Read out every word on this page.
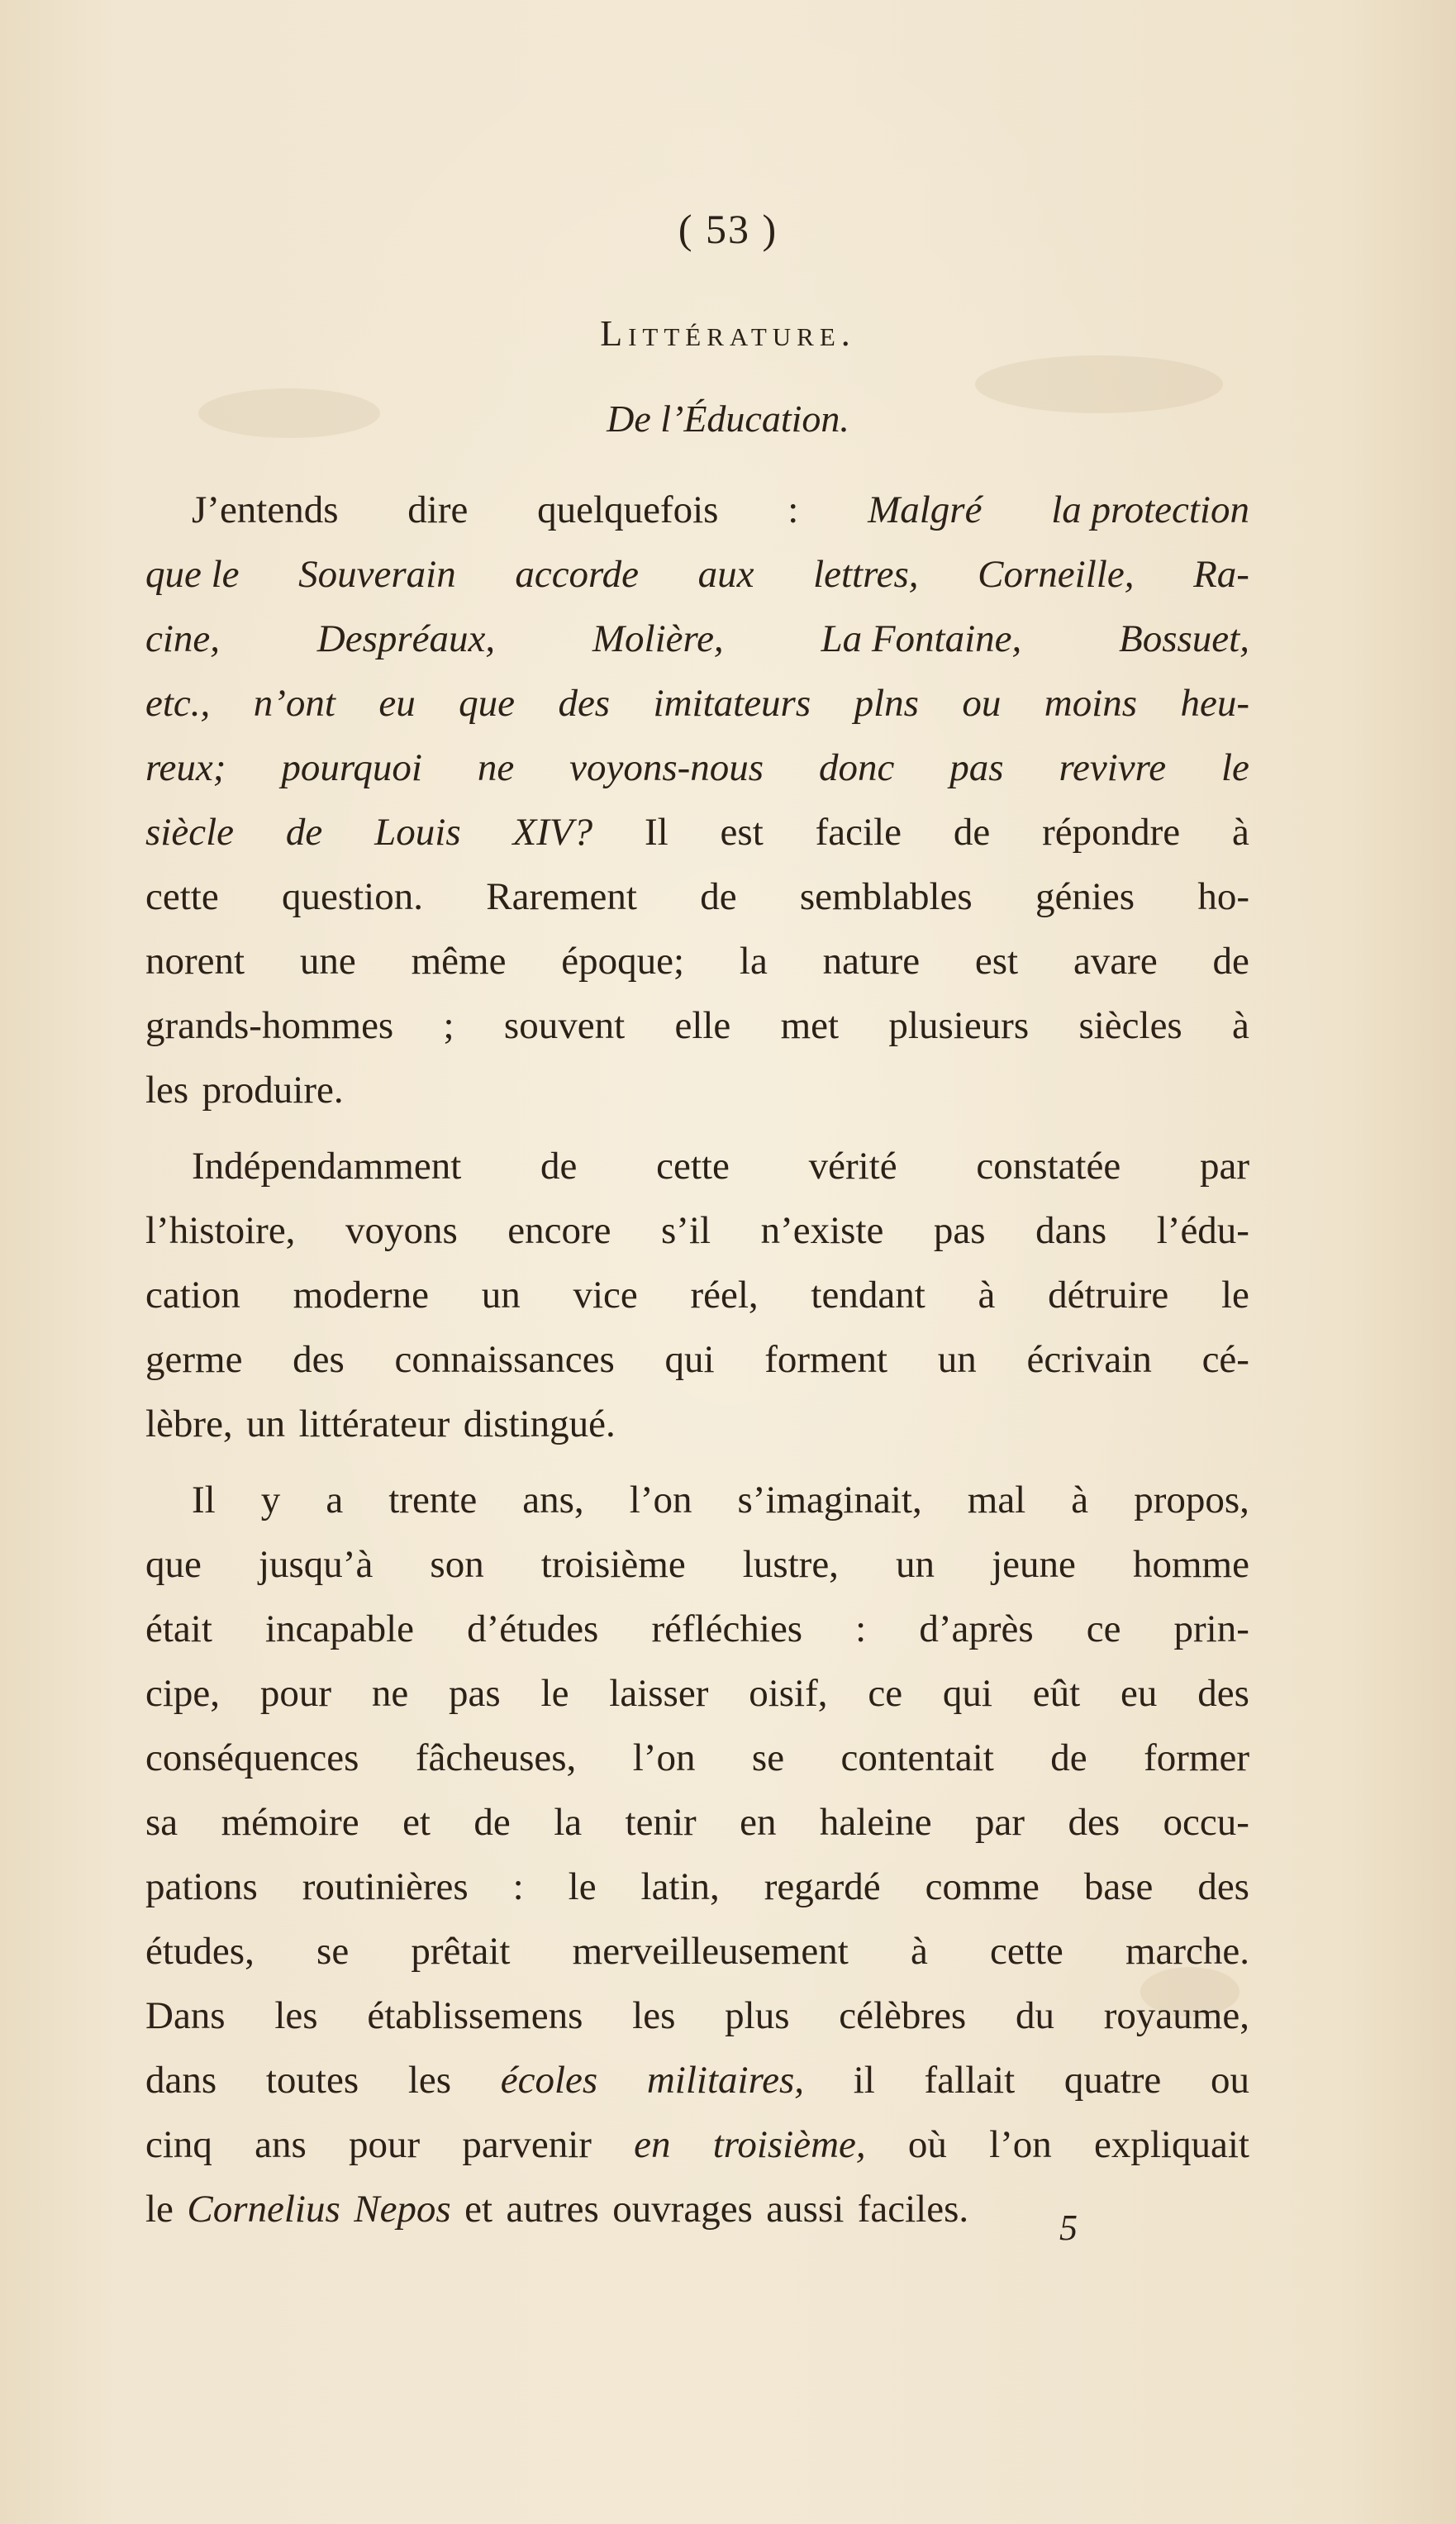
( 53 )
Littérature.
De l’Éducation.
J’entends dire quelquefois : Malgré la protection
que le Souverain accorde aux lettres, Corneille, Ra-
cine,	Despréaux,	Molière,	La Fontaine,	Bossuet,
etc., n’ont eu que des imitateurs plns ou moins heu-
reux; pourquoi ne voyons-nous donc pas revivre le
siècle de Louis XIV? Il est facile de répondre à
cette question. Rarement de semblables génies ho-
norent une même époque; la nature est avare de
grands-hommes ; souvent elle met plusieurs siècles à
les produire.
Indépendamment de cette vérité constatée par
l’histoire, voyons encore s’il n’existe pas dans l’édu-
cation moderne un vice réel, tendant à détruire le
germe des connaissances qui forment un écrivain cé-
lèbre, un littérateur distingué.
Il y a trente ans, l’on s’imaginait, mal à propos,
que jusqu’à son troisième lustre, un jeune homme
était incapable d’études réfléchies : d’après ce prin-
cipe, pour ne pas le laisser oisif, ce qui eût eu des
conséquences fâcheuses, l’on se contentait de former
sa mémoire et de la tenir en haleine par des occu-
pations routinières : le latin, regardé comme base des
études, se prêtait merveilleusement à cette marche.
Dans les établissemens les plus célèbres du royaume,
dans toutes les écoles militaires, il fallait quatre ou
cinq ans pour parvenir en troisième, où l’on expliquait
le Cornelius Nepos et autres ouvrages aussi faciles. 5
